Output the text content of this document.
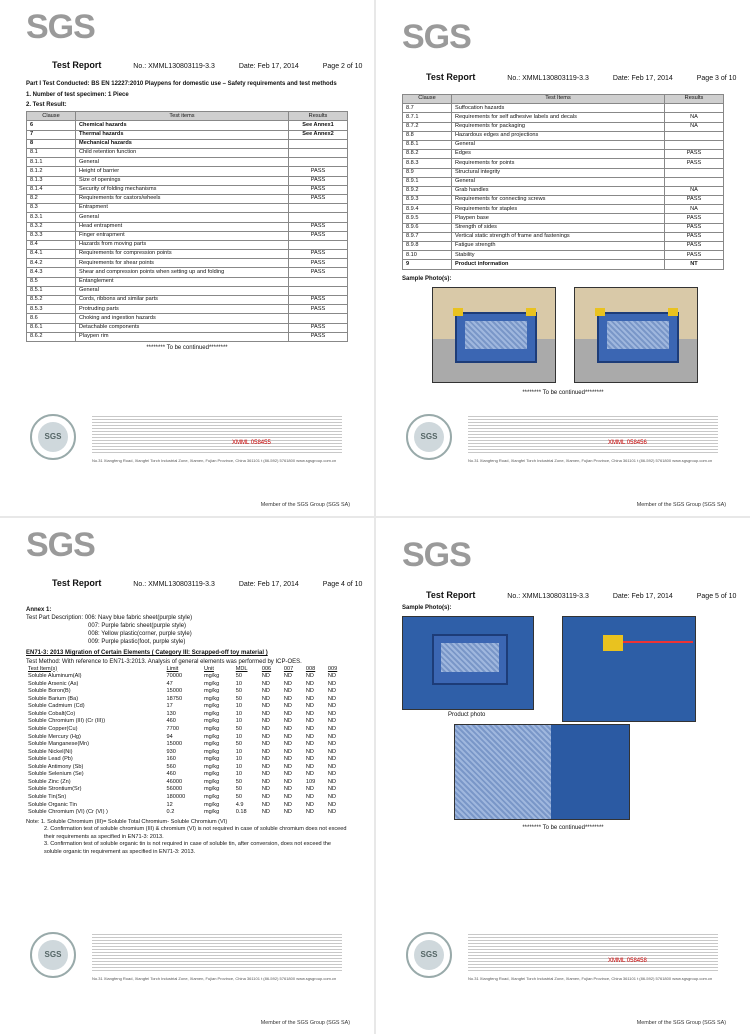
SGS
Test Report	No.: XMML130803119-3.3	Date: Feb 17, 2014	Page 2 of 10
Part I Test Conducted: BS EN 12227:2010 Playpens for domestic use – Safety requirements and test methods
1. Number of test specimen: 1 Piece
2. Test Result:
Clause	Test items	Results
6	Chemical hazards	See Annex1
7	Thermal hazards	See Annex2
8	Mechanical hazards	
8.1	Child retention function	
8.1.1	General	
8.1.2	Height of barrier	PASS
8.1.3	Size of openings	PASS
8.1.4	Security of folding mechanisms	PASS
8.2	Requirements for castors/wheels	PASS
8.3	Entrapment	
8.3.1	General	
8.3.2	Head entrapment	PASS
8.3.3	Finger entrapment	PASS
8.4	Hazards from moving parts	
8.4.1	Requirements for compression points	PASS
8.4.2	Requirements for shear points	PASS
8.4.3	Shear and compression points when setting up and folding	PASS
8.5	Entanglement	
8.5.1	General	
8.5.2	Cords, ribbons and similar parts	PASS
8.5.3	Protruding parts	PASS
8.6	Choking and ingestion hazards	
8.6.1	Detachable components	PASS
8.6.2	Playpen rim	PASS
******** To be continued********
SGS
XMML 058455
No.31 Xiangfeng Road, Xiangfei Torch Industrial Zone, Xiamen, Fujian Province, China 361101 t (86-592) 5761800 www.sgsgroup.com.cn
Member of the SGS Group (SGS SA)
SGS
Test Report	No.: XMML130803119-3.3	Date: Feb 17, 2014	Page 3 of 10
Clause	Test Items	Results
8.7	Suffocation hazards	
8.7.1	Requirements for self adhesive labels and decals	NA
8.7.2	Requirements for packaging	NA
8.8	Hazardous edges and projections	
8.8.1	General	
8.8.2	Edges	PASS
8.8.3	Requirements for points	PASS
8.9	Structural integrity	
8.9.1	General	
8.9.2	Grab handles	NA
8.9.3	Requirements for connecting screws	PASS
8.9.4	Requirements for staples	NA
8.9.5	Playpen base	PASS
8.9.6	Strength of sides	PASS
8.9.7	Vertical static strength of frame and fastenings	PASS
8.9.8	Fatigue strength	PASS
8.10	Stability	PASS
9	Product information	NT
Sample Photo(s):
******** To be continued********
SGS
XMML 058456
No.31 Xiangfeng Road, Xiangfei Torch Industrial Zone, Xiamen, Fujian Province, China 361101 t (86-592) 5761800 www.sgsgroup.com.cn
Member of the SGS Group (SGS SA)
SGS
Test Report	No.: XMML130803119-3.3	Date: Feb 17, 2014	Page 4 of 10
Annex 1:
Test Part Description: 006: Navy blue fabric sheet(purple style)
007: Purple fabric sheet(purple style)
008: Yellow plastic(corner, purple style)
009: Purple plastic(foot, purple style)
EN71-3: 2013 Migration of Certain Elements ( Category III: Scrapped-off toy material )
Test Method: With reference to EN71-3:2013. Analysis of general elements was performed by ICP-OES.
Test Item(s)	Limit	Unit	MDL	006	007	008	009
Soluble Aluminum(Al)	70000	mg/kg	50	ND	ND	ND	ND
Soluble Arsenic (As)	47	mg/kg	10	ND	ND	ND	ND
Soluble Boron(B)	15000	mg/kg	50	ND	ND	ND	ND
Soluble Barium (Ba)	18750	mg/kg	50	ND	ND	ND	ND
Soluble Cadmium (Cd)	17	mg/kg	10	ND	ND	ND	ND
Soluble Cobalt(Co)	130	mg/kg	10	ND	ND	ND	ND
Soluble Chromium (III) (Cr (III))	460	mg/kg	10	ND	ND	ND	ND
Soluble Copper(Cu)	7700	mg/kg	50	ND	ND	ND	ND
Soluble Mercury (Hg)	94	mg/kg	10	ND	ND	ND	ND
Soluble Manganese(Mn)	15000	mg/kg	50	ND	ND	ND	ND
Soluble Nickel(Ni)	930	mg/kg	10	ND	ND	ND	ND
Soluble Lead (Pb)	160	mg/kg	10	ND	ND	ND	ND
Soluble Antimony (Sb)	560	mg/kg	10	ND	ND	ND	ND
Soluble Selenium (Se)	460	mg/kg	10	ND	ND	ND	ND
Soluble Zinc (Zn)	46000	mg/kg	50	ND	ND	109	ND
Soluble Strontium(Sr)	56000	mg/kg	50	ND	ND	ND	ND
Soluble Tin(Sn)	180000	mg/kg	50	ND	ND	ND	ND
Soluble Organic Tin	12	mg/kg	4.9	ND	ND	ND	ND
Soluble Chromium (VI) (Cr (VI) )	0.2	mg/kg	0.18	ND	ND	ND	ND
Note: 1. Soluble Chromium (III)= Soluble Total Chromium- Soluble Chromium (VI)
2. Confirmation test of soluble chromium (III) & chromium (VI) is not required in case of soluble chromium does not exceed their requirements as specified in EN71-3: 2013.
3. Confirmation test of soluble organic tin is not required in case of soluble tin, after conversion, does not exceed the soluble organic tin requirement as specified in EN71-3: 2013.
SGS
No.31 Xiangfeng Road, Xiangfei Torch Industrial Zone, Xiamen, Fujian Province, China 361101 t (86-592) 5761800 www.sgsgroup.com.cn
Member of the SGS Group (SGS SA)
SGS
Test Report	No.: XMML130803119-3.3	Date: Feb 17, 2014	Page 5 of 10
Sample Photo(s):
Product photo
******** To be continued********
SGS
XMML 058458
No.31 Xiangfeng Road, Xiangfei Torch Industrial Zone, Xiamen, Fujian Province, China 361101 t (86-592) 5761800 www.sgsgroup.com.cn
Member of the SGS Group (SGS SA)
